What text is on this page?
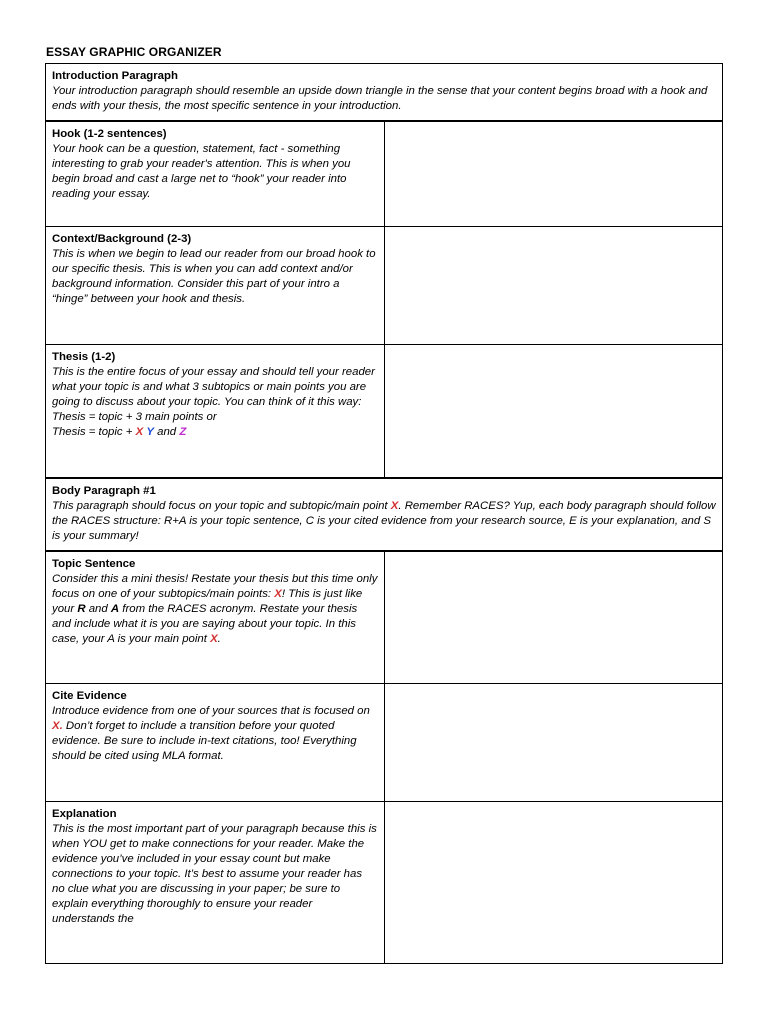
ESSAY GRAPHIC ORGANIZER
Introduction Paragraph
Your introduction paragraph should resemble an upside down triangle in the sense that your content begins broad with a hook and ends with your thesis, the most specific sentence in your introduction.	

Hook (1-2 sentences)
Your hook can be a question, statement, fact - something interesting to grab your reader's attention. This is when you begin broad and cast a large net to “hook” your reader into reading your essay.	

Context/Background (2-3)
This is when we begin to lead our reader from our broad hook to our specific thesis. This is when you can add context and/or background information. Consider this part of your intro a “hinge” between your hook and thesis.	

Thesis (1-2)
This is the entire focus of your essay and should tell your reader what your topic is and what 3 subtopics or main points you are going to discuss about your topic. You can think of it this way:
Thesis = topic + 3 main points or
Thesis = topic + X Y and Z	

Body Paragraph #1
This paragraph should focus on your topic and subtopic/main point X. Remember RACES? Yup, each body paragraph should follow the RACES structure: R+A is your topic sentence, C is your cited evidence from your research source, E is your explanation, and S is your summary!	

Topic Sentence
Consider this a mini thesis! Restate your thesis but this time only focus on one of your subtopics/main points: X! This is just like your R and A from the RACES acronym. Restate your thesis and include what it is you are saying about your topic. In this case, your A is your main point X.	

Cite Evidence
Introduce evidence from one of your sources that is focused on X. Don’t forget to include a transition before your quoted evidence. Be sure to include in-text citations, too! Everything should be cited using MLA format.	

Explanation
This is the most important part of your paragraph because this is when YOU get to make connections for your reader. Make the evidence you’ve included in your essay count but make connections to your topic. It’s best to assume your reader has no clue what you are discussing in your paper; be sure to explain everything thoroughly to ensure your reader understands the	
